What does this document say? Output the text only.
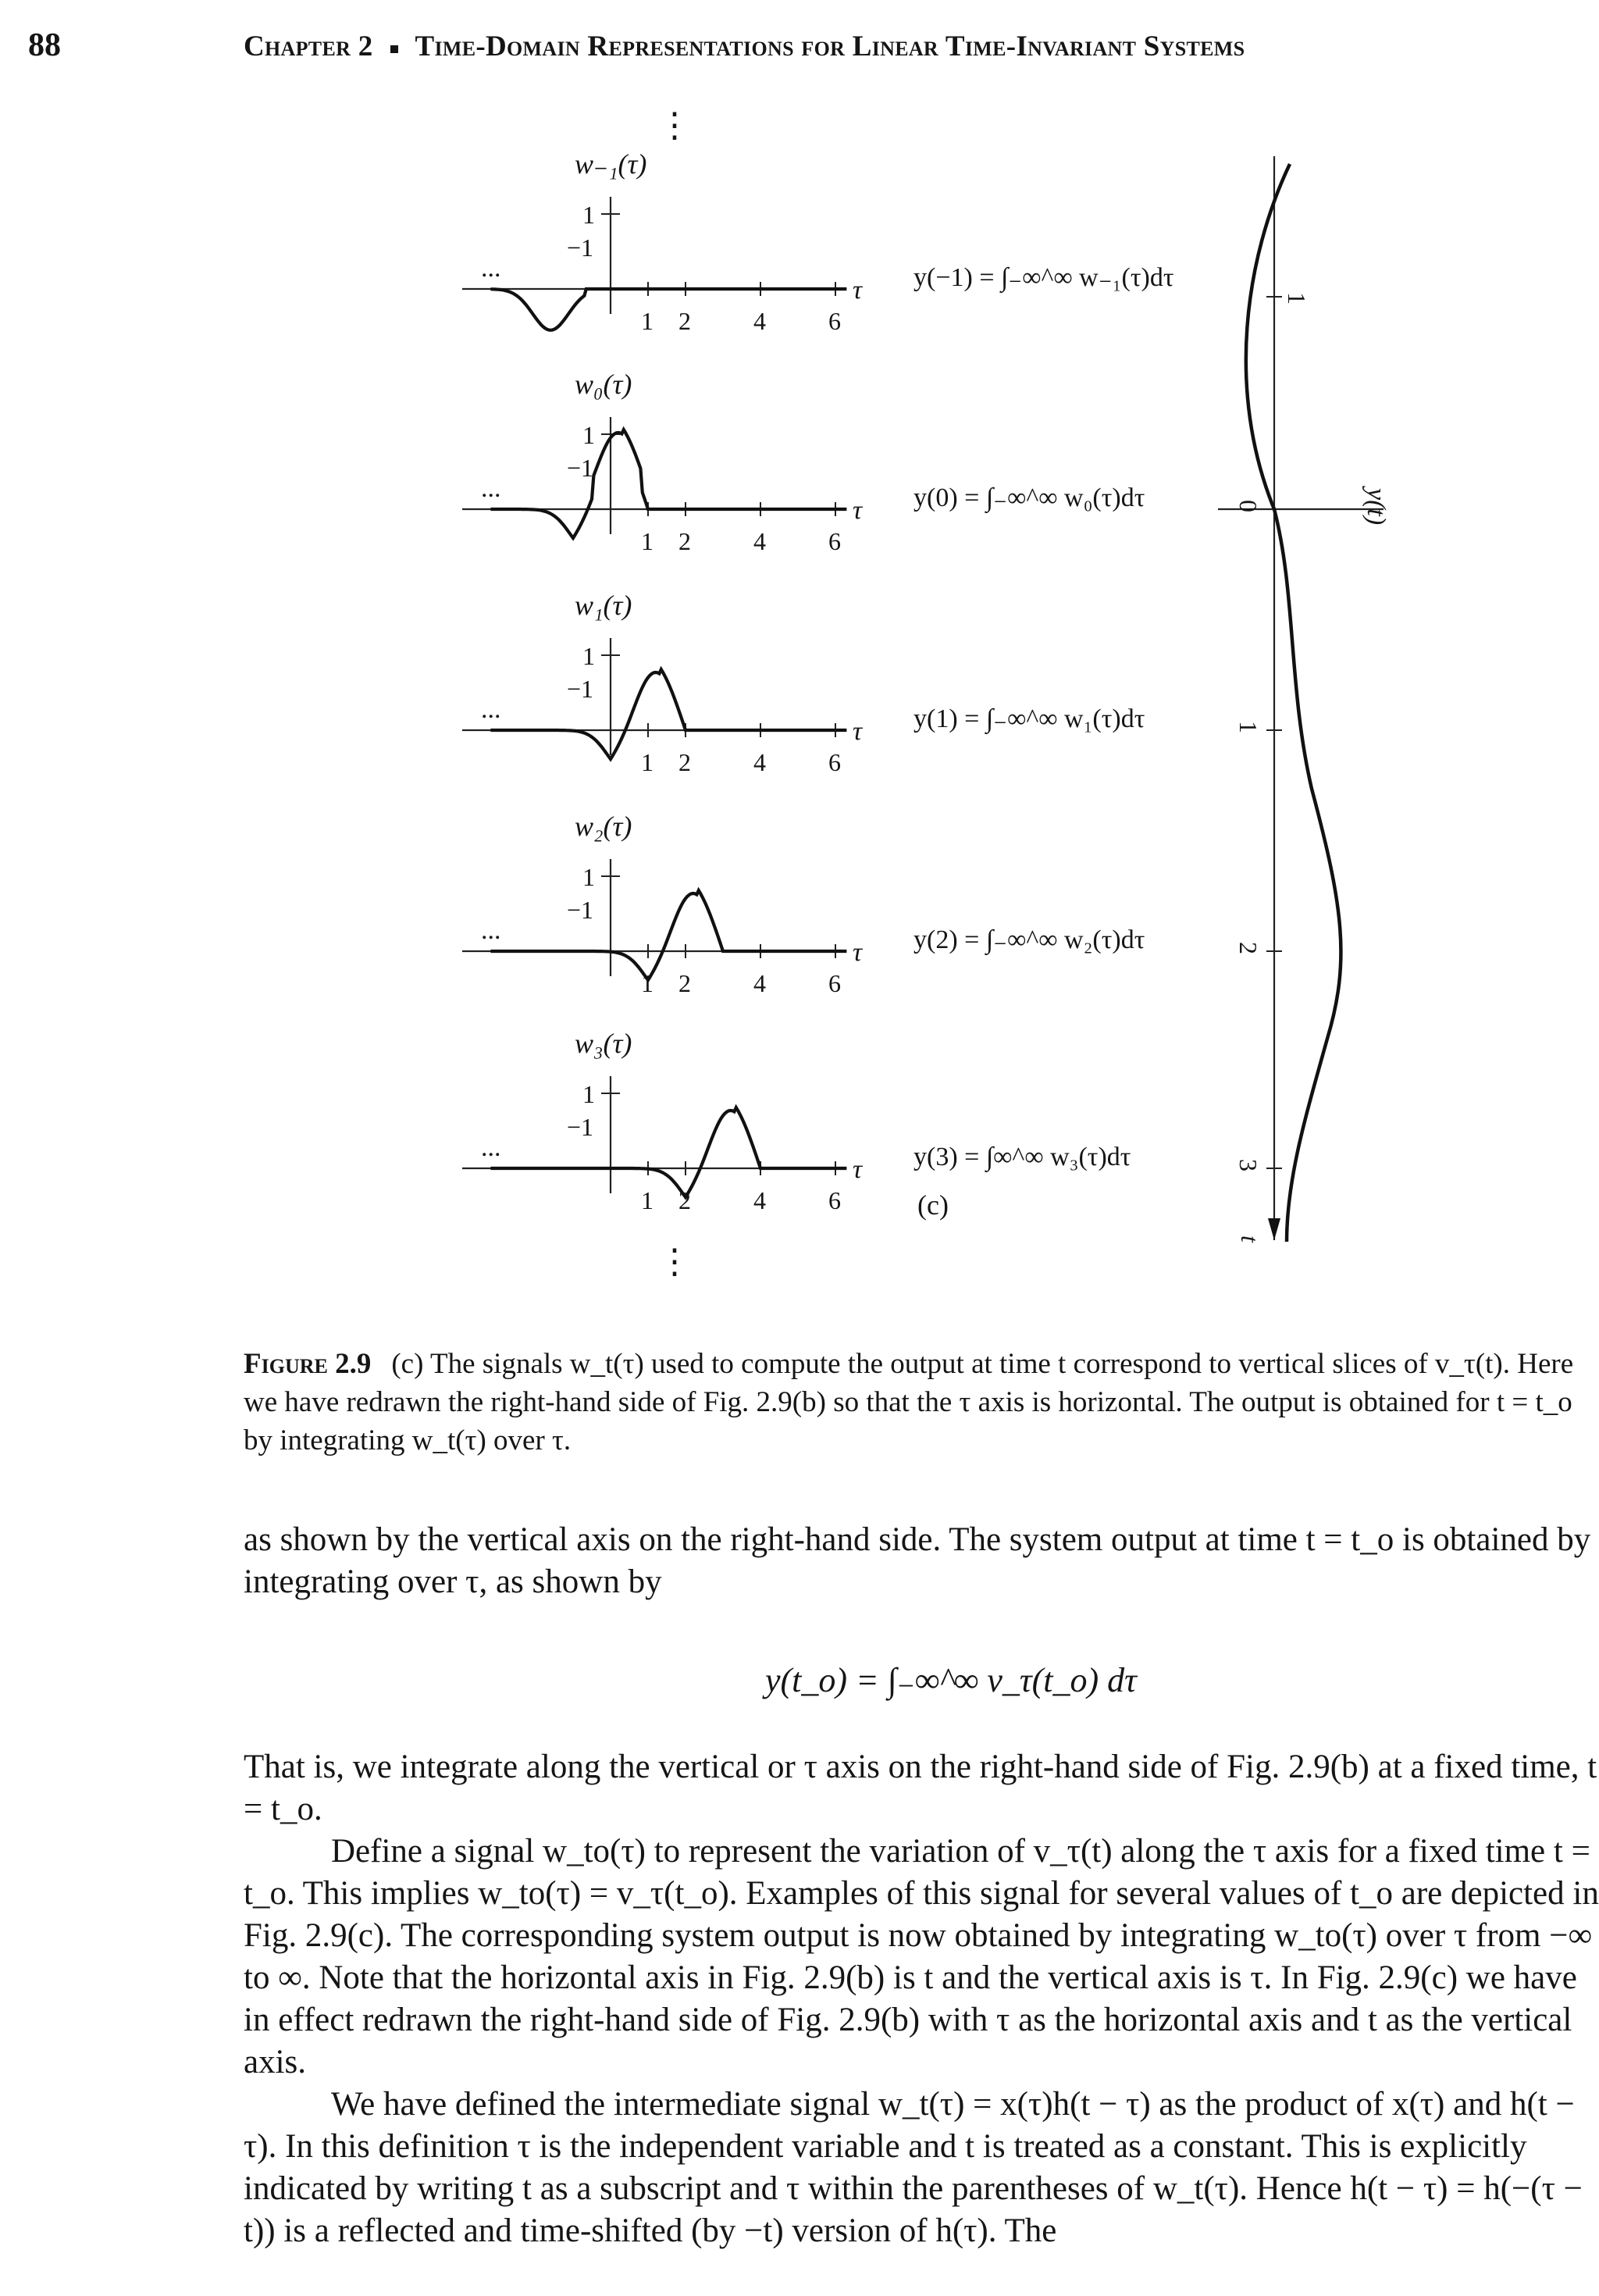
88	Chapter 2 Time-Domain Representations for Linear Time-Invariant Systems
⋮
⋮
w₋₁(τ)
τ
1
−1
...
1 2	4	6
y(−1) = ∫₋∞^∞ w₋₁(τ)dτ
w₀(τ)
τ
1
−1
...
1 2	4	6
y(0) = ∫₋∞^∞ w₀(τ)dτ
w₁(τ)
τ
1
−1
...
1 2	4	6
y(1) = ∫₋∞^∞ w₁(τ)dτ
w₂(τ)
τ
1
−1
...
1 2	4	6
y(2) = ∫₋∞^∞ w₂(τ)dτ
w₃(τ)
τ
1
−1
...
1 2	4	6
y(3) = ∫∞^∞ w₃(τ)dτ
0
1
2
3
1
y(t)
t
(c)
Figure 2.9 (c) The signals w_t(τ) used to compute the output at time t correspond to vertical slices of v_τ(t). Here we have redrawn the right-hand side of Fig. 2.9(b) so that the τ axis is horizontal. The output is obtained for t = t_o by integrating w_t(τ) over τ.
as shown by the vertical axis on the right-hand side. The system output at time t = t_o is obtained by integrating over τ, as shown by
y(t_o) = ∫₋∞^∞ v_τ(t_o) dτ
That is, we integrate along the vertical or τ axis on the right-hand side of Fig. 2.9(b) at a fixed time, t = t_o.
Define a signal w_to(τ) to represent the variation of v_τ(t) along the τ axis for a fixed time t = t_o. This implies w_to(τ) = v_τ(t_o). Examples of this signal for several values of t_o are depicted in Fig. 2.9(c). The corresponding system output is now obtained by integrating w_to(τ) over τ from −∞ to ∞. Note that the horizontal axis in Fig. 2.9(b) is t and the vertical axis is τ. In Fig. 2.9(c) we have in effect redrawn the right-hand side of Fig. 2.9(b) with τ as the horizontal axis and t as the vertical axis.
We have defined the intermediate signal w_t(τ) = x(τ)h(t − τ) as the product of x(τ) and h(t − τ). In this definition τ is the independent variable and t is treated as a constant. This is explicitly indicated by writing t as a subscript and τ within the parentheses of w_t(τ). Hence h(t − τ) = h(−(τ − t)) is a reflected and time-shifted (by −t) version of h(τ). The
